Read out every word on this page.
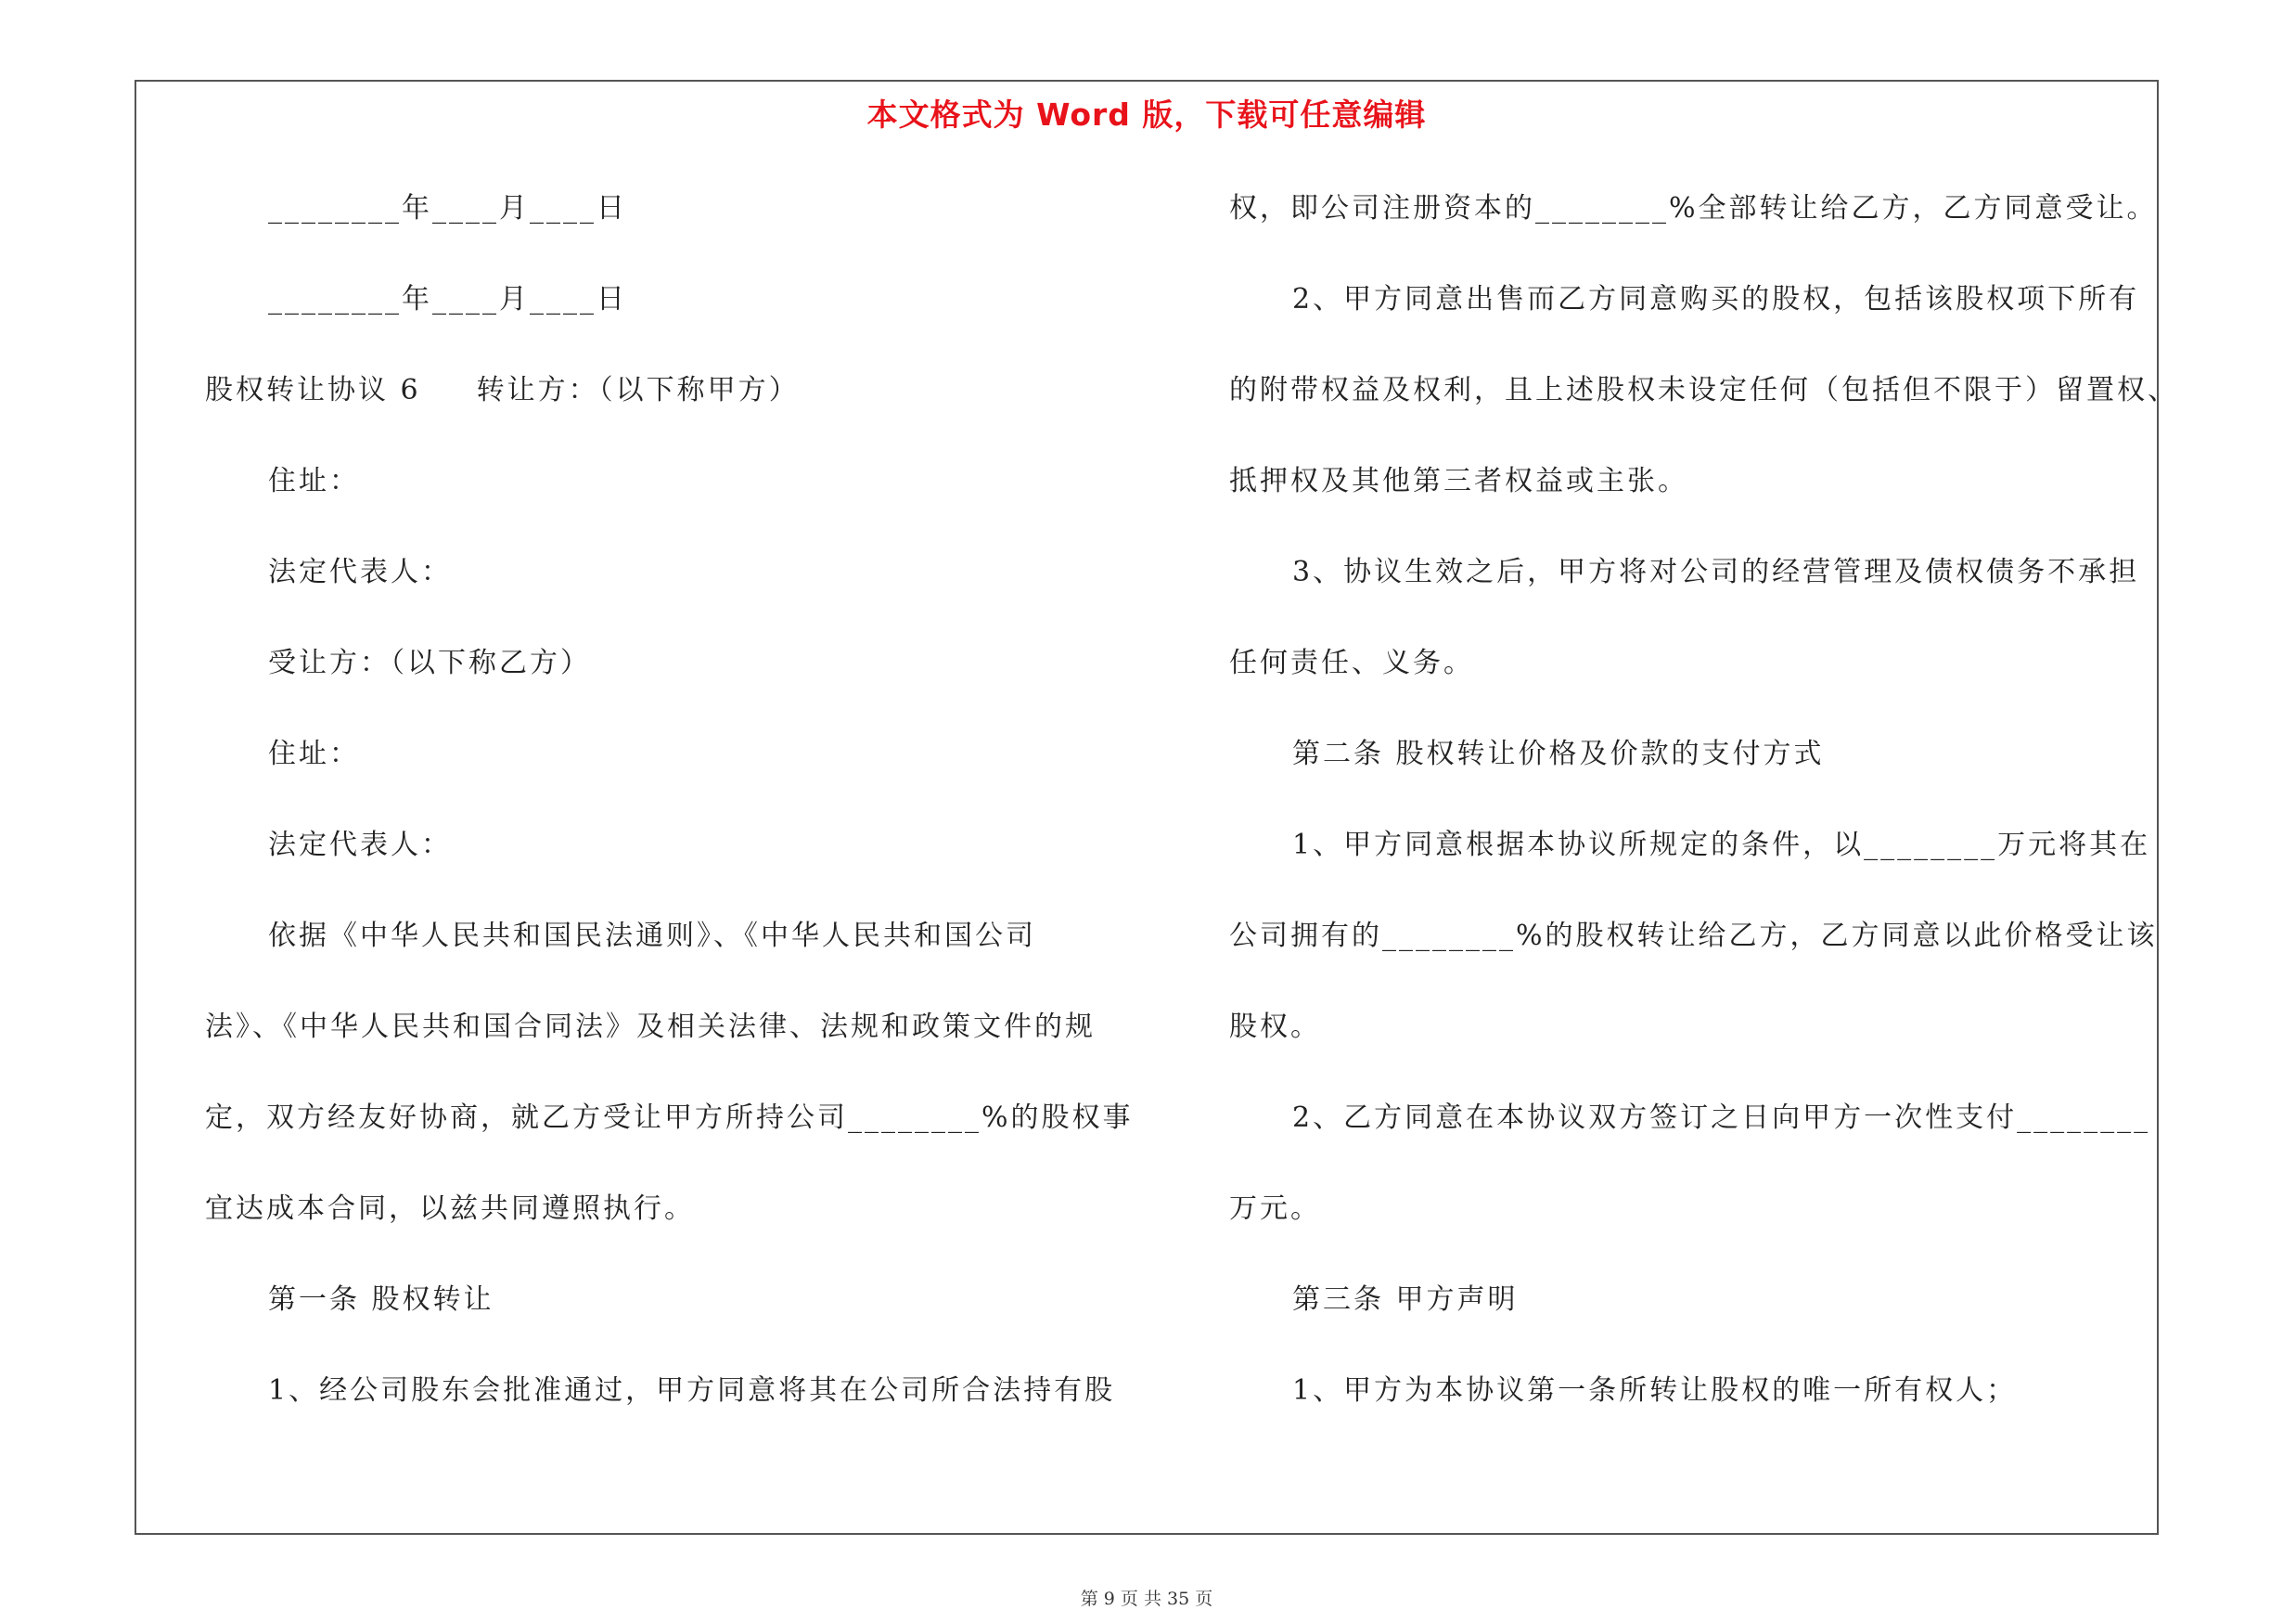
本文格式为 Word 版，下载可任意编辑
第 9 页 共 35 页
________年____月____日
________年____月____日
股权转让协议 6 转让方：（以下称甲方）
住址：
法定代表人：
受让方：（以下称乙方）
住址：
法定代表人：
依据《中华人民共和国民法通则》、《中华人民共和国公司
法》、《中华人民共和国合同法》及相关法律、法规和政策文件的规
定，双方经友好协商，就乙方受让甲方所持公司________%的股权事
宜达成本合同，以兹共同遵照执行。
第一条 股权转让
1、经公司股东会批准通过，甲方同意将其在公司所合法持有股
权，即公司注册资本的________%全部转让给乙方，乙方同意受让。
2、甲方同意出售而乙方同意购买的股权，包括该股权项下所有
的附带权益及权利，且上述股权未设定任何（包括但不限于）留置权、
抵押权及其他第三者权益或主张。
3、协议生效之后，甲方将对公司的经营管理及债权债务不承担
任何责任、义务。
第二条 股权转让价格及价款的支付方式
1、甲方同意根据本协议所规定的条件，以________万元将其在
公司拥有的________%的股权转让给乙方，乙方同意以此价格受让该
股权。
2、乙方同意在本协议双方签订之日向甲方一次性支付________
万元。
第三条 甲方声明
1、甲方为本协议第一条所转让股权的唯一所有权人；
